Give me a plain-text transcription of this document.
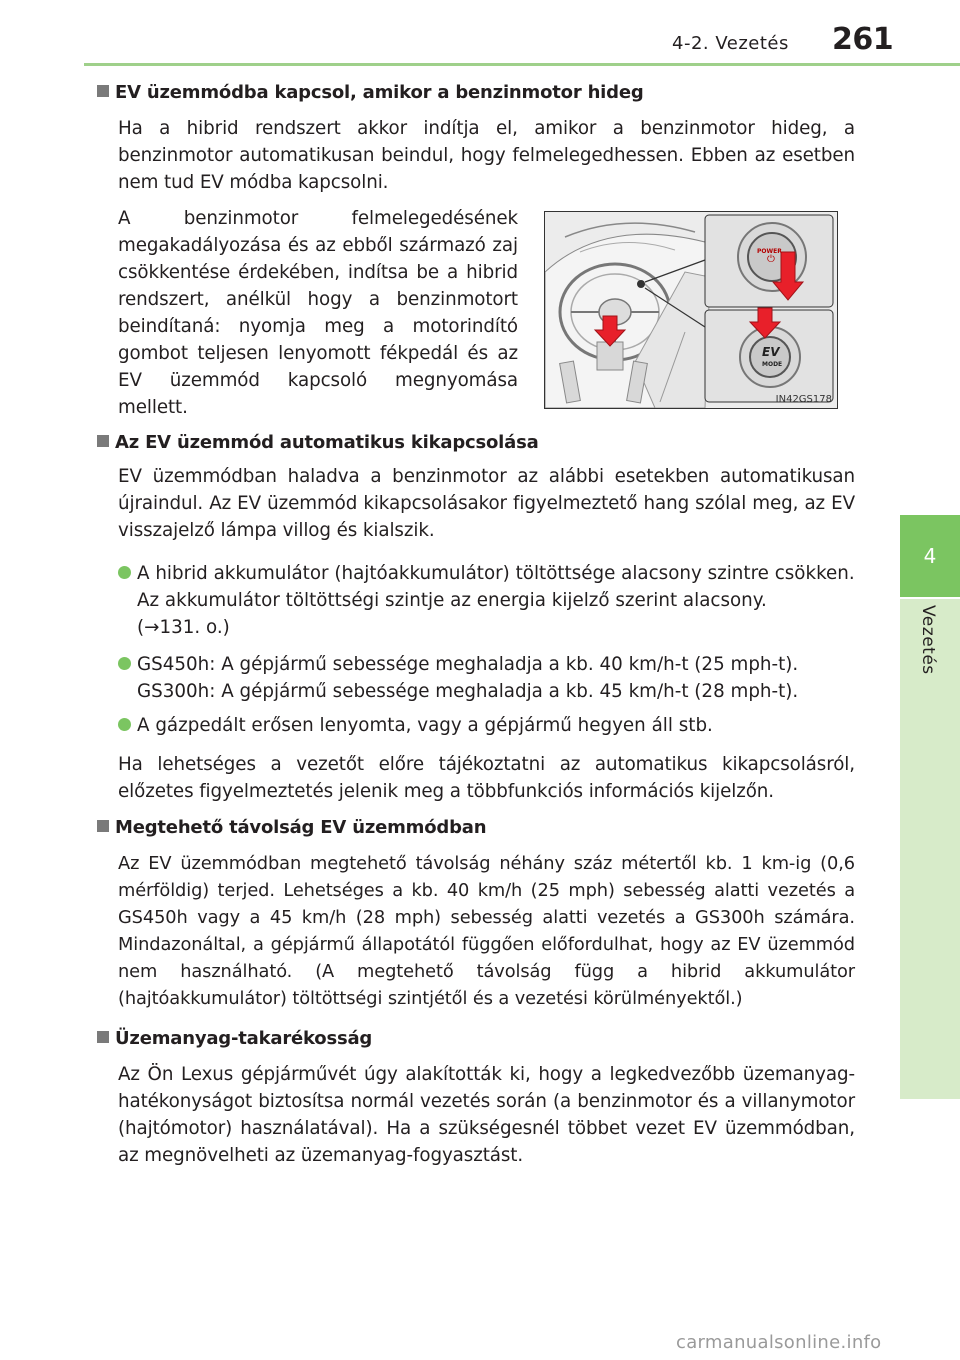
4-2. Vezetés 261
4
Vezetés
EV üzemmódba kapcsol, amikor a benzinmotor hideg
Ha a hibrid rendszert akkor indítja el, amikor a benzinmotor hideg, a benzinmotor automatikusan beindul, hogy felmelegedhessen. Ebben az esetben nem tud EV módba kapcsolni.
A benzinmotor felmelegedésének megakadályozása és az ebből származó zaj csökkentése érdekében, indítsa be a hibrid rendszert, anélkül hogy a benzinmotort beindítaná: nyomja meg a motorindító gombot teljesen lenyomott fékpedál és az EV üzemmód kapcsoló megnyomása mellett.
POWER
⏻
EV
MODE
IN42GS178
Az EV üzemmód automatikus kikapcsolása
EV üzemmódban haladva a benzinmotor az alábbi esetekben automatikusan újraindul. Az EV üzemmód kikapcsolásakor figyelmeztető hang szólal meg, az EV visszajelző lámpa villog és kialszik.
A hibrid akkumulátor (hajtóakkumulátor) töltöttsége alacsony szintre csökken.
Az akkumulátor töltöttségi szintje az energia kijelző szerint alacsony.
(→131. o.)
GS450h: A gépjármű sebessége meghaladja a kb. 40 km/h-t (25 mph-t).
GS300h: A gépjármű sebessége meghaladja a kb. 45 km/h-t (28 mph-t).
A gázpedált erősen lenyomta, vagy a gépjármű hegyen áll stb.
Ha lehetséges a vezetőt előre tájékoztatni az automatikus kikapcsolásról, előzetes figyelmeztetés jelenik meg a többfunkciós információs kijelzőn.
Megtehető távolság EV üzemmódban
Az EV üzemmódban megtehető távolság néhány száz métertől kb. 1 km-ig (0,6 mérföldig) terjed. Lehetséges a kb. 40 km/h (25 mph) sebesség alatti vezetés a GS450h vagy a 45 km/h (28 mph) sebesség alatti vezetés a GS300h számára. Mindazonáltal, a gépjármű állapotától függően előfordulhat, hogy az EV üzemmód nem használható. (A megtehető távolság függ a hibrid akkumulátor (hajtóakkumulátor) töltöttségi szintjétől és a vezetési körülményektől.)
Üzemanyag-takarékosság
Az Ön Lexus gépjárművét úgy alakították ki, hogy a legkedvezőbb üzemanyag-hatékonyságot biztosítsa normál vezetés során (a benzinmotor és a villanymotor (hajtómotor) használatával). Ha a szükségesnél többet vezet EV üzemmódban, az megnövelheti az üzemanyag-fogyasztást.
carmanualsonline.info
